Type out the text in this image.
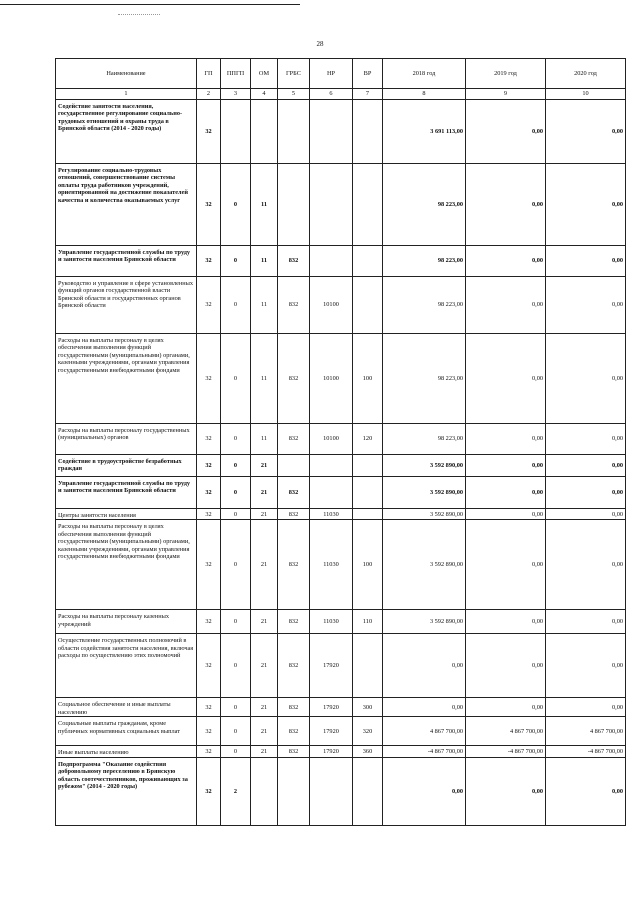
28
Наименование	ГП	ППГП	ОМ	ГРБС	НР	ВР	2018 год	2019 год	2020 год
1	2	3	4	5	6	7	8	9	10
Содействие занятости населения, государственное регулирование социально-трудовых отношений и охраны труда в Брянской области (2014 - 2020 годы)	32						3 691 113,00	0,00	0,00
Регулирование социально-трудовых отношений, совершенствование системы оплаты труда работников учреждений, ориентированной на достижение показателей качества и количества оказываемых услуг	32	0	11				98 223,00	0,00	0,00
Управление государственной службы по труду и занятости населения Брянской области	32	0	11	832			98 223,00	0,00	0,00
Руководство и управление в сфере установленных функций органов государственной власти Брянской области и государственных органов Брянской области	32	0	11	832	10100		98 223,00	0,00	0,00
Расходы на выплаты персоналу в целях обеспечения выполнения функций государственными (муниципальными) органами, казенными учреждениями, органами управления государственными внебюджетными фондами	32	0	11	832	10100	100	98 223,00	0,00	0,00
Расходы на выплаты персоналу государственных (муниципальных) органов	32	0	11	832	10100	120	98 223,00	0,00	0,00
Содействие в трудоустройстве безработных граждан	32	0	21				3 592 890,00	0,00	0,00
Управление государственной службы по труду и занятости населения Брянской области	32	0	21	832			3 592 890,00	0,00	0,00
Центры занятости населения	32	0	21	832	11030		3 592 890,00	0,00	0,00
Расходы на выплаты персоналу в целях обеспечения выполнения функций государственными (муниципальными) органами, казенными учреждениями, органами управления государственными внебюджетными фондами	32	0	21	832	11030	100	3 592 890,00	0,00	0,00
Расходы на выплаты персоналу казенных учреждений	32	0	21	832	11030	110	3 592 890,00	0,00	0,00
Осуществление государственных полномочий в области содействия занятости населения, включая расходы по осуществлению этих полномочий	32	0	21	832	17920		0,00	0,00	0,00
Социальное обеспечение и иные выплаты населению	32	0	21	832	17920	300	0,00	0,00	0,00
Социальные выплаты гражданам, кроме публичных нормативных социальных выплат	32	0	21	832	17920	320	4 867 700,00	4 867 700,00	4 867 700,00
Иные выплаты населению	32	0	21	832	17920	360	-4 867 700,00	-4 867 700,00	-4 867 700,00
Подпрограмма "Оказание содействия добровольному переселению в Брянскую область соотечественников, проживающих за рубежом" (2014 - 2020 годы)	32	2					0,00	0,00	0,00
